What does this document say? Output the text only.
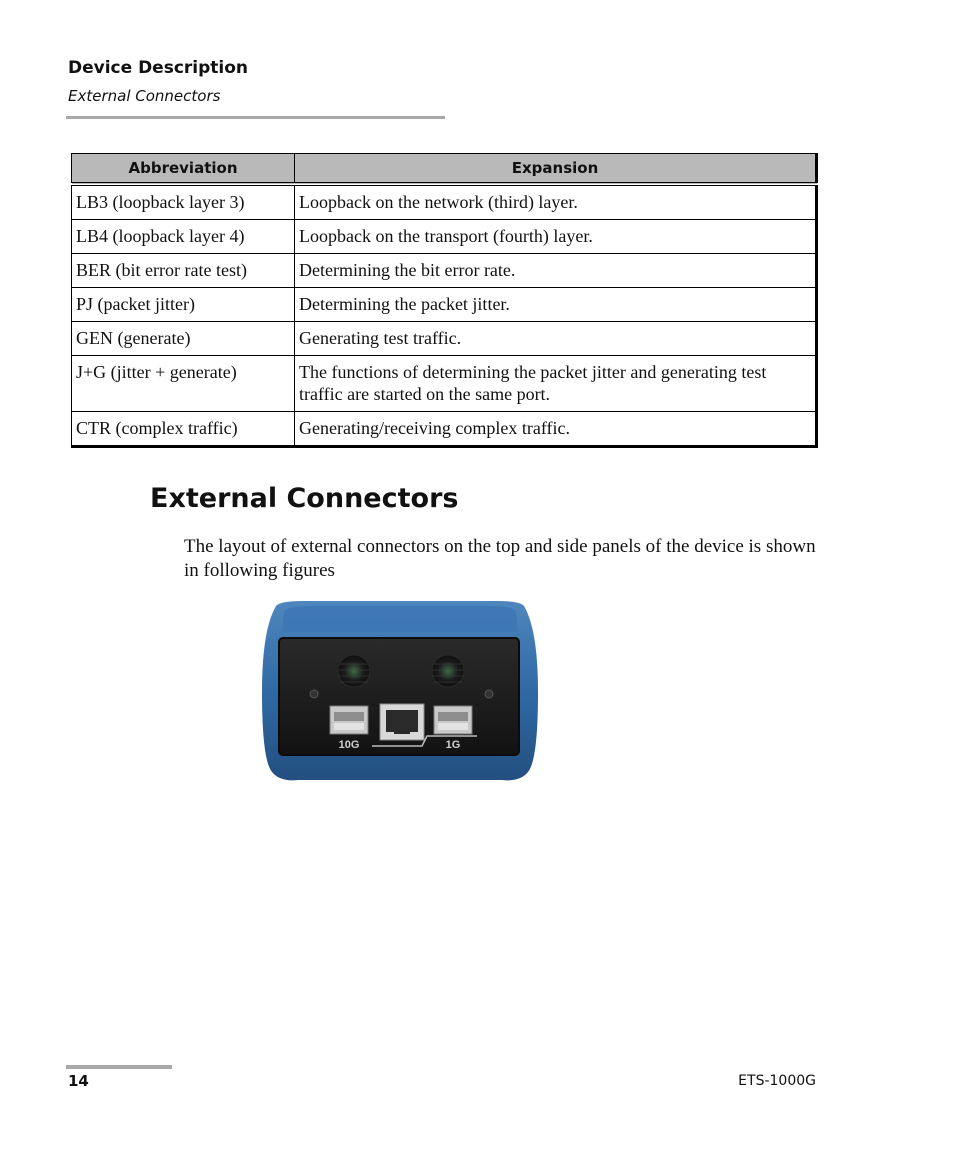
Device Description
External Connectors
Abbreviation	Expansion
LB3 (loopback layer 3)	Loopback on the network (third) layer.
LB4 (loopback layer 4)	Loopback on the transport (fourth) layer.
BER (bit error rate test)	Determining the bit error rate.
PJ (packet jitter)	Determining the packet jitter.
GEN (generate)	Generating test traffic.
J+G (jitter + generate)	The functions of determining the packet jitter and generating test traffic are started on the same port.
CTR (complex traffic)	Generating/receiving complex traffic.
External Connectors
The layout of external connectors on the top and side panels of the device is shown in following figures
10G	1G
14	ETS-1000G
